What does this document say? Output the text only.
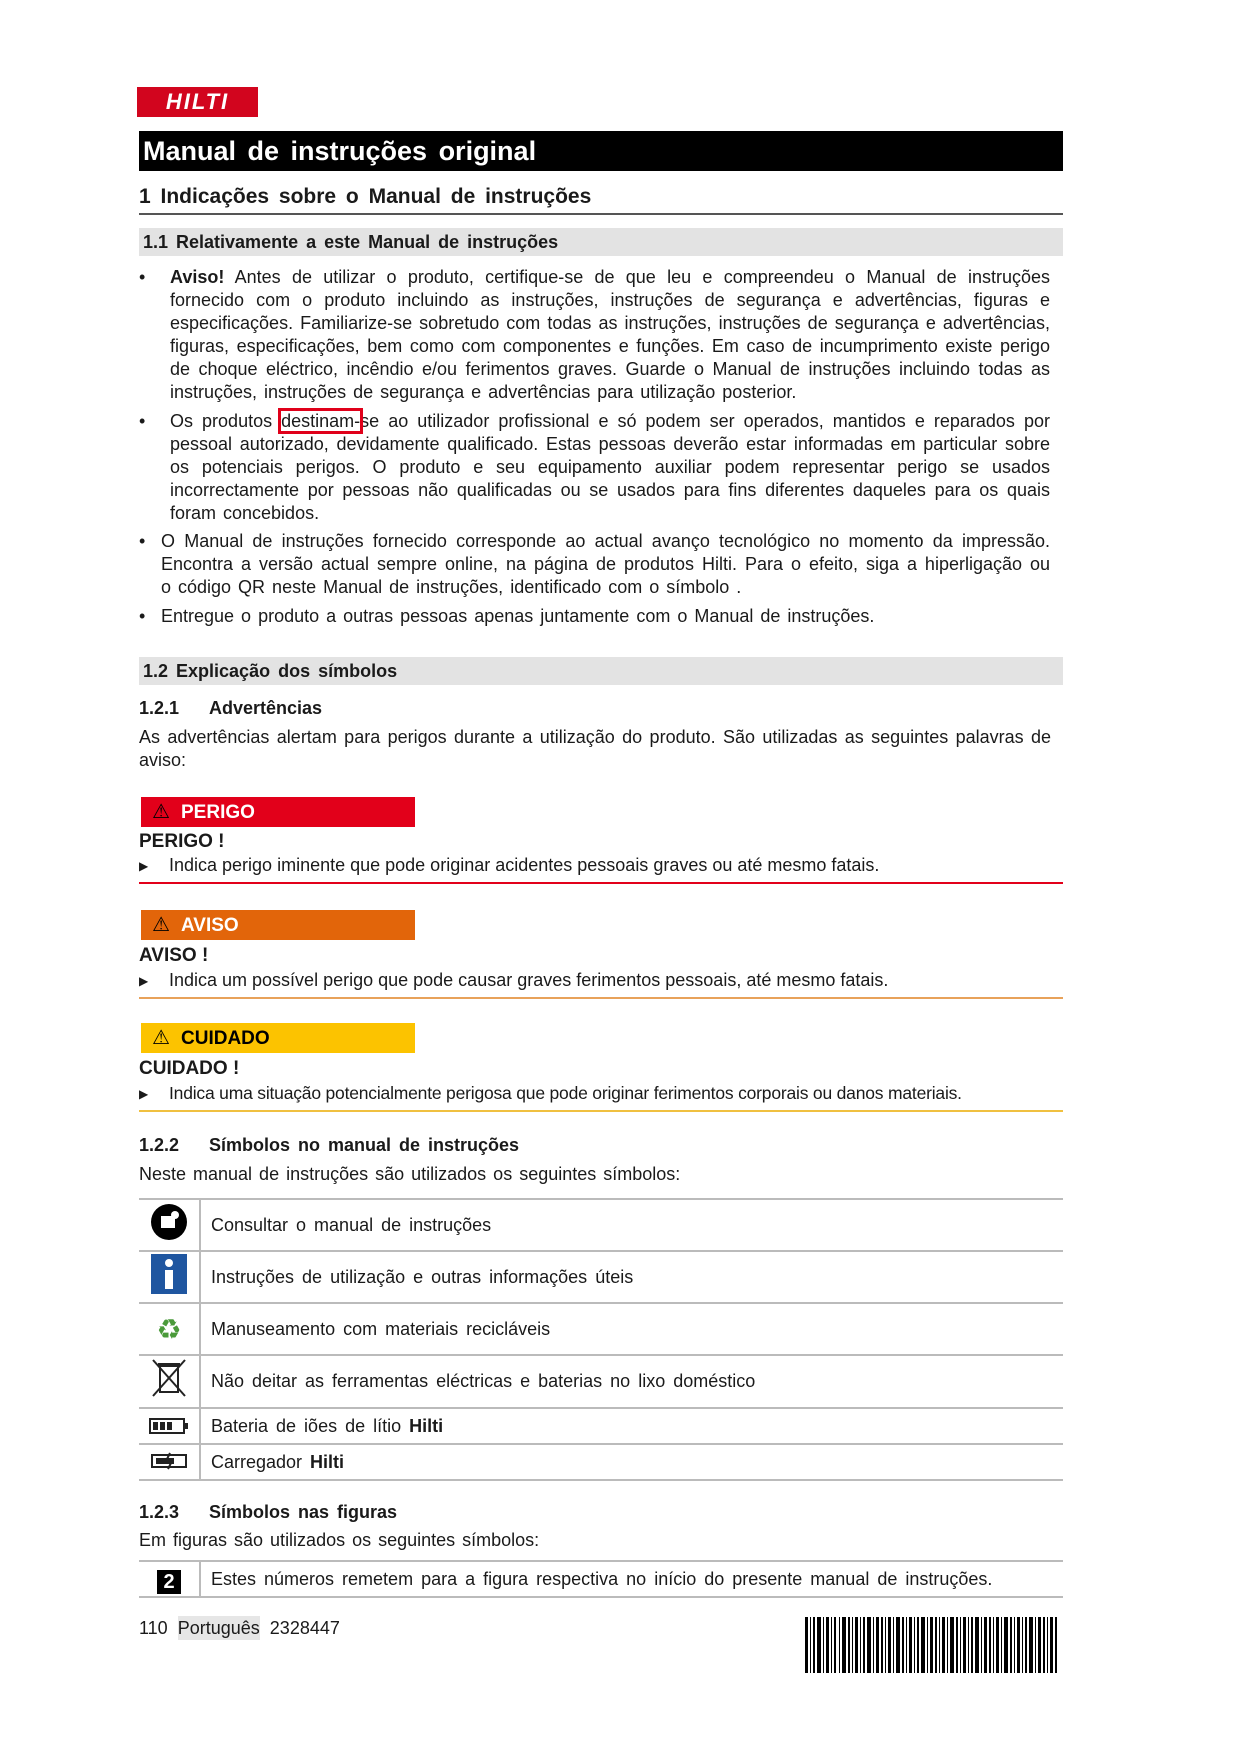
HILTI
Manual de instruções original
1 Indicações sobre o Manual de instruções
1.1 Relativamente a este Manual de instruções
• Aviso! Antes de utilizar o produto, certifique-se de que leu e compreendeu o Manual de instruções fornecido com o produto incluindo as instruções, instruções de segurança e advertências, figuras e especificações. Familiarize-se sobretudo com todas as instruções, instruções de segurança e advertências, figuras, especificações, bem como com componentes e funções. Em caso de incumprimento existe perigo de choque eléctrico, incêndio e/ou ferimentos graves. Guarde o Manual de instruções incluindo todas as instruções, instruções de segurança e advertências para utilização posterior.
• Os produtos destinam-se ao utilizador profissional e só podem ser operados, mantidos e reparados por pessoal autorizado, devidamente qualificado. Estas pessoas deverão estar informadas em particular sobre os potenciais perigos. O produto e seu equipamento auxiliar podem representar perigo se usados incorrectamente por pessoas não qualificadas ou se usados para fins diferentes daqueles para os quais foram concebidos.
• O Manual de instruções fornecido corresponde ao actual avanço tecnológico no momento da impressão. Encontra a versão actual sempre online, na página de produtos Hilti. Para o efeito, siga a hiperligação ou o código QR neste Manual de instruções, identificado com o símbolo .
• Entregue o produto a outras pessoas apenas juntamente com o Manual de instruções.
1.2 Explicação dos símbolos
1.2.1 Advertências
As advertências alertam para perigos durante a utilização do produto. São utilizadas as seguintes palavras de aviso:
⚠ PERIGO
PERIGO !
▶ Indica perigo iminente que pode originar acidentes pessoais graves ou até mesmo fatais.
⚠ AVISO
AVISO !
▶ Indica um possível perigo que pode causar graves ferimentos pessoais, até mesmo fatais.
⚠ CUIDADO
CUIDADO !
▶ Indica uma situação potencialmente perigosa que pode originar ferimentos corporais ou danos materiais.
1.2.2 Símbolos no manual de instruções
Neste manual de instruções são utilizados os seguintes símbolos:
	Consultar o manual de instruções
	Instruções de utilização e outras informações úteis
♻	Manuseamento com materiais recicláveis
	Não deitar as ferramentas eléctricas e baterias no lixo doméstico
	Bateria de iões de lítio Hilti
	Carregador Hilti
1.2.3 Símbolos nas figuras
Em figuras são utilizados os seguintes símbolos:
2	Estes números remetem para a figura respectiva no início do presente manual de instruções.
110 Português 2328447
